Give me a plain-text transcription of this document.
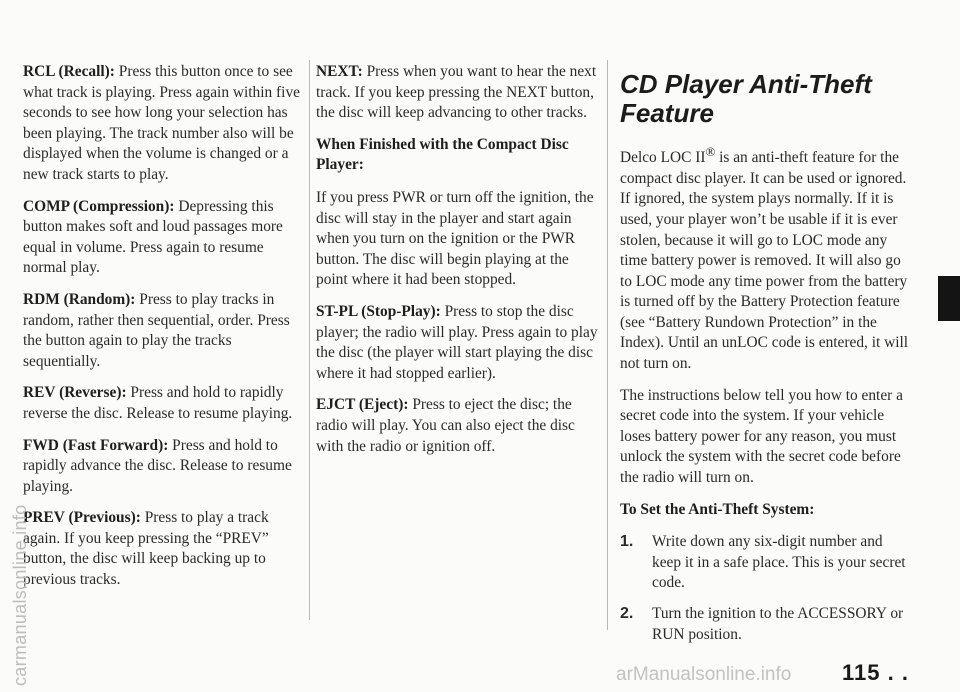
RCL (Recall): Press this button once to see what track is playing. Press again within five seconds to see how long your selection has been playing. The track number also will be displayed when the volume is changed or a new track starts to play.

COMP (Compression): Depressing this button makes soft and loud passages more equal in volume. Press again to resume normal play.

RDM (Random): Press to play tracks in random, rather then sequential, order. Press the button again to play the tracks sequentially.

REV (Reverse): Press and hold to rapidly reverse the disc. Release to resume playing.

FWD (Fast Forward): Press and hold to rapidly advance the disc. Release to resume playing.

PREV (Previous): Press to play a track again. If you keep pressing the “PREV” button, the disc will keep backing up to previous tracks.

NEXT: Press when you want to hear the next track. If you keep pressing the NEXT button, the disc will keep advancing to other tracks.

When Finished with the Compact Disc Player:

If you press PWR or turn off the ignition, the disc will stay in the player and start again when you turn on the ignition or the PWR button. The disc will begin playing at the point where it had been stopped.

ST-PL (Stop-Play): Press to stop the disc player; the radio will play. Press again to play the disc (the player will start playing the disc where it had stopped earlier).

EJCT (Eject): Press to eject the disc; the radio will play. You can also eject the disc with the radio or ignition off.

CD Player Anti-Theft Feature

Delco LOC II® is an anti-theft feature for the compact disc player. It can be used or ignored. If ignored, the system plays normally. If it is used, your player won’t be usable if it is ever stolen, because it will go to LOC mode any time battery power is removed. It will also go to LOC mode any time power from the battery is turned off by the Battery Protection feature (see “Battery Rundown Protection” in the Index). Until an unLOC code is entered, it will not turn on.

The instructions below tell you how to enter a secret code into the system. If your vehicle loses battery power for any reason, you must unlock the system with the secret code before the radio will turn on.

To Set the Anti-Theft System:
1. Write down any six-digit number and keep it in a safe place. This is your secret code.
2. Turn the ignition to the ACCESSORY or RUN position.
115 . .
carmanualsonline.info	arManualsonline.info
